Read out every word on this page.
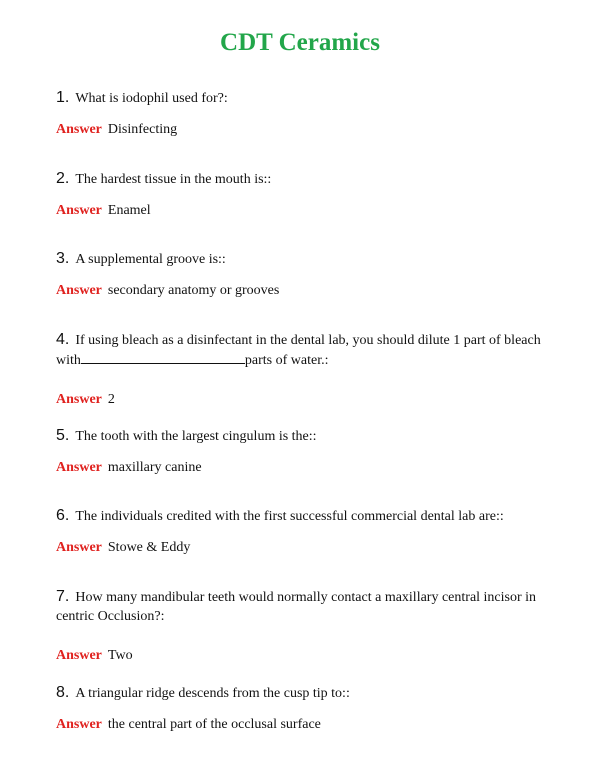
CDT Ceramics

1. What is iodophil used for?:

Answer Disinfecting

2. The hardest tissue in the mouth is::

Answer Enamel

3. A supplemental groove is::

Answer secondary anatomy or grooves

4. If using bleach as a disinfectant in the dental lab, you should dilute 1 part of bleach with	parts of water.:

Answer 2

5. The tooth with the largest cingulum is the::

Answer maxillary canine

6. The individuals credited with the first successful commercial dental lab are::

Answer Stowe & Eddy

7. How many mandibular teeth would normally contact a maxillary central incisor in centric Occlusion?:

Answer Two

8. A triangular ridge descends from the cusp tip to::

Answer the central part of the occlusal surface
